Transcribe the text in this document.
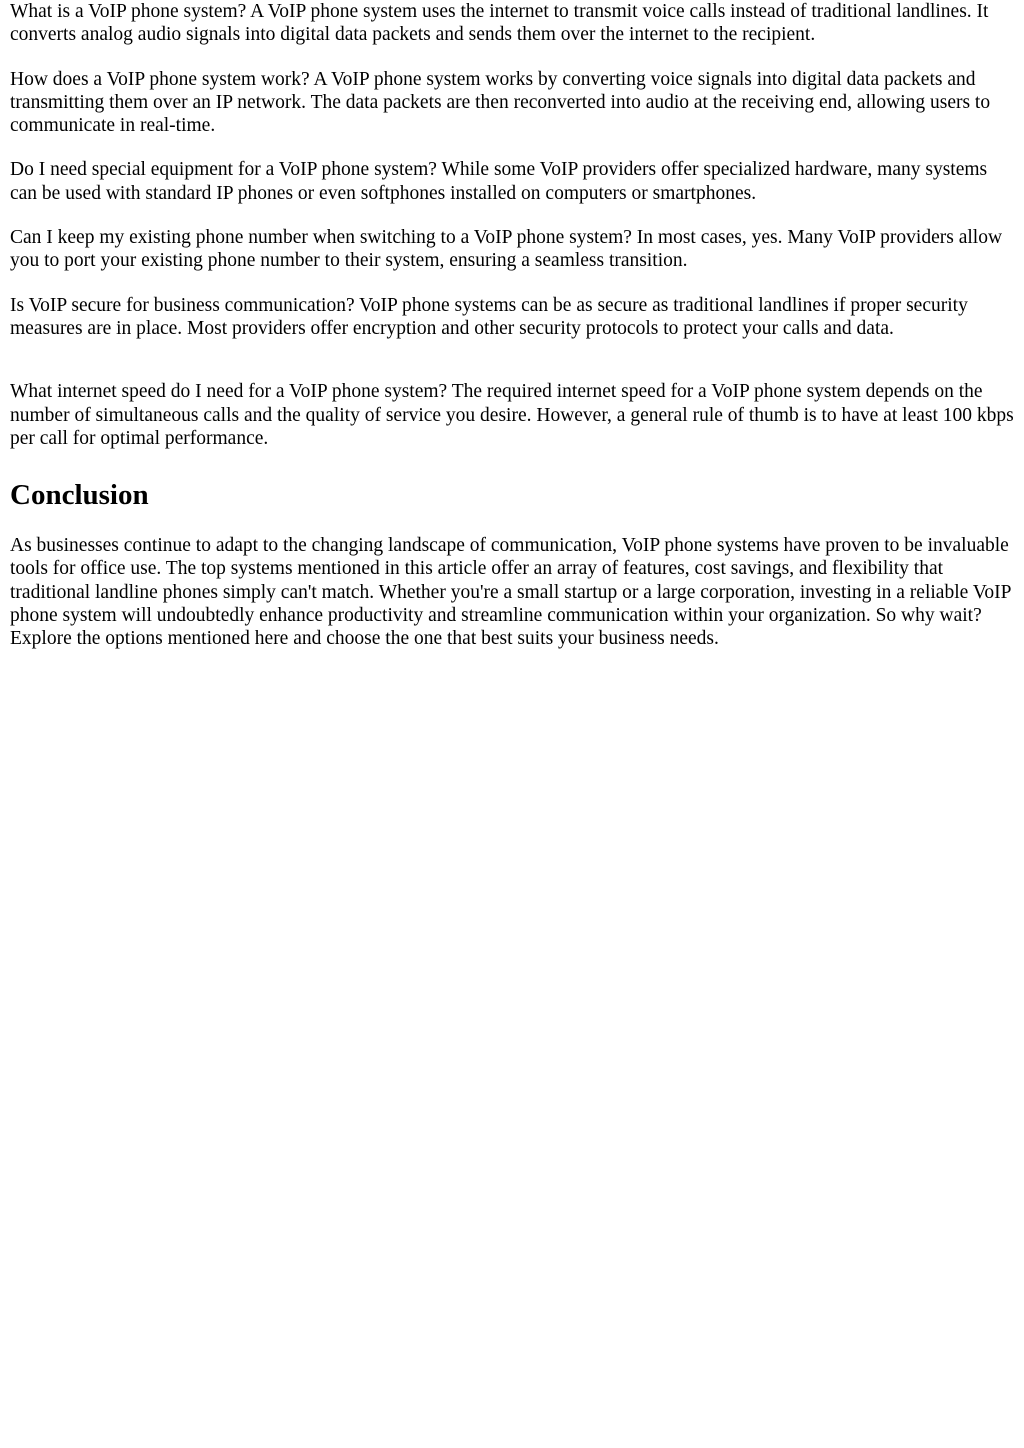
What is a VoIP phone system? A VoIP phone system uses the internet to transmit voice calls instead of traditional landlines. It converts analog audio signals into digital data packets and sends them over the internet to the recipient.

How does a VoIP phone system work? A VoIP phone system works by converting voice signals into digital data packets and transmitting them over an IP network. The data packets are then reconverted into audio at the receiving end, allowing users to communicate in real-time.

Do I need special equipment for a VoIP phone system? While some VoIP providers offer specialized hardware, many systems can be used with standard IP phones or even softphones installed on computers or smartphones.

Can I keep my existing phone number when switching to a VoIP phone system? In most cases, yes. Many VoIP providers allow you to port your existing phone number to their system, ensuring a seamless transition.

Is VoIP secure for business communication? VoIP phone systems can be as secure as traditional landlines if proper security measures are in place. Most providers offer encryption and other security protocols to protect your calls and data.

What internet speed do I need for a VoIP phone system? The required internet speed for a VoIP phone system depends on the number of simultaneous calls and the quality of service you desire. However, a general rule of thumb is to have at least 100 kbps per call for optimal performance.

Conclusion

As businesses continue to adapt to the changing landscape of communication, VoIP phone systems have proven to be invaluable tools for office use. The top systems mentioned in this article offer an array of features, cost savings, and flexibility that traditional landline phones simply can't match. Whether you're a small startup or a large corporation, investing in a reliable VoIP phone system will undoubtedly enhance productivity and streamline communication within your organization. So why wait? Explore the options mentioned here and choose the one that best suits your business needs.
